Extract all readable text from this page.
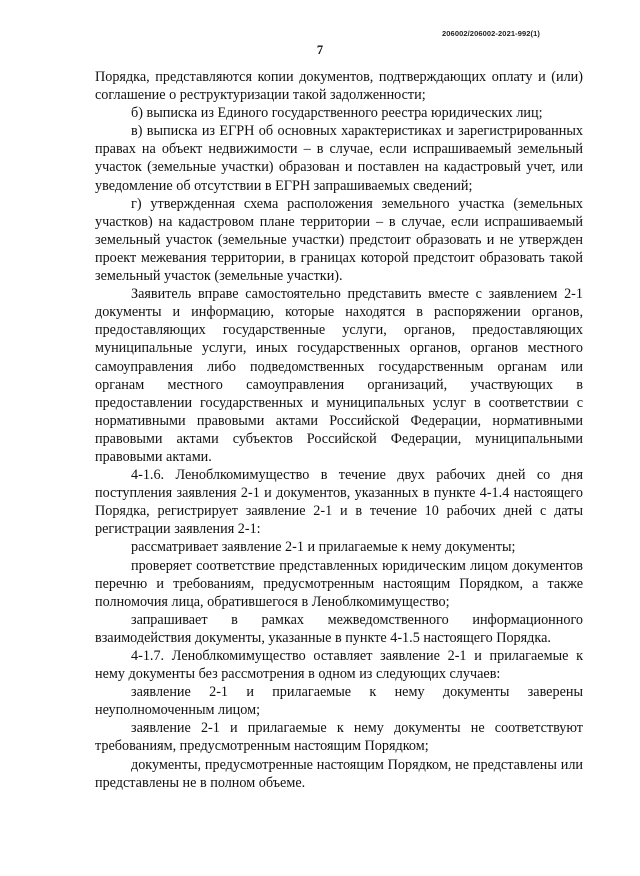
206002/206002-2021-992(1)
7

Порядка, представляются копии документов, подтверждающих оплату и (или) соглашение о реструктуризации такой задолженности;

б) выписка из Единого государственного реестра юридических лиц;

в) выписка из ЕГРН об основных характеристиках и зарегистрированных правах на объект недвижимости – в случае, если испрашиваемый земельный участок (земельные участки) образован и поставлен на кадастровый учет, или уведомление об отсутствии в ЕГРН запрашиваемых сведений;

г) утвержденная схема расположения земельного участка (земельных участков) на кадастровом плане территории – в случае, если испрашиваемый земельный участок (земельные участки) предстоит образовать и не утвержден проект межевания территории, в границах которой предстоит образовать такой земельный участок (земельные участки).

Заявитель вправе самостоятельно представить вместе с заявлением 2-1 документы и информацию, которые находятся в распоряжении органов, предоставляющих государственные услуги, органов, предоставляющих муниципальные услуги, иных государственных органов, органов местного самоуправления либо подведомственных государственным органам или органам местного самоуправления организаций, участвующих в предоставлении государственных и муниципальных услуг в соответствии с нормативными правовыми актами Российской Федерации, нормативными правовыми актами субъектов Российской Федерации, муниципальными правовыми актами.

4-1.6. Леноблкомимущество в течение двух рабочих дней со дня поступления заявления 2-1 и документов, указанных в пункте 4-1.4 настоящего Порядка, регистрирует заявление 2-1 и в течение 10 рабочих дней с даты регистрации заявления 2-1:

рассматривает заявление 2-1 и прилагаемые к нему документы;

проверяет соответствие представленных юридическим лицом документов перечню и требованиям, предусмотренным настоящим Порядком, а также полномочия лица, обратившегося в Леноблкомимущество;

запрашивает в рамках межведомственного информационного взаимодействия документы, указанные в пункте 4-1.5 настоящего Порядка.

4-1.7. Леноблкомимущество оставляет заявление 2-1 и прилагаемые к нему документы без рассмотрения в одном из следующих случаев:

заявление 2-1 и прилагаемые к нему документы заверены неуполномоченным лицом;

заявление 2-1 и прилагаемые к нему документы не соответствуют требованиям, предусмотренным настоящим Порядком;

документы, предусмотренные настоящим Порядком, не представлены или представлены не в полном объеме.
